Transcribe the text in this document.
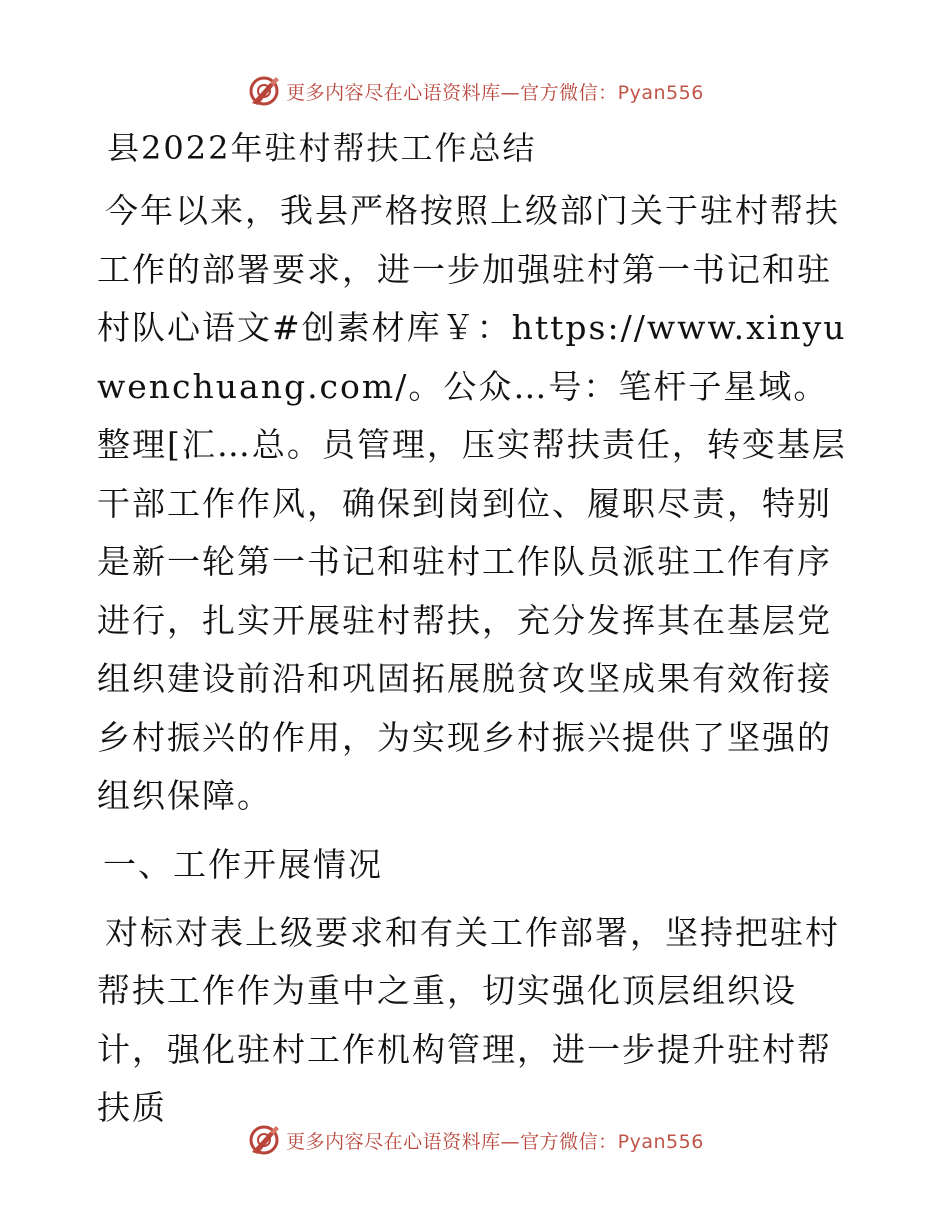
更多内容尽在心语资料库—官方微信：Pyan556
县2022年驻村帮扶工作总结

今年以来，我县严格按照上级部门关于驻村帮扶工作的部署要求，进一步加强驻村第一书记和驻村队心语文#创素材库￥：https://www.xinyuwenchuang.com/。公众…号：笔杆子星域。整理[汇…总。员管理，压实帮扶责任，转变基层干部工作作风，确保到岗到位、履职尽责，特别是新一轮第一书记和驻村工作队员派驻工作有序进行，扎实开展驻村帮扶，充分发挥其在基层党组织建设前沿和巩固拓展脱贫攻坚成果有效衔接乡村振兴的作用，为实现乡村振兴提供了坚强的组织保障。

一、工作开展情况

对标对表上级要求和有关工作部署，坚持把驻村帮扶工作作为重中之重，切实强化顶层组织设计，强化驻村工作机构管理，进一步提升驻村帮扶质

更多内容尽在心语资料库—官方微信：Pyan556
